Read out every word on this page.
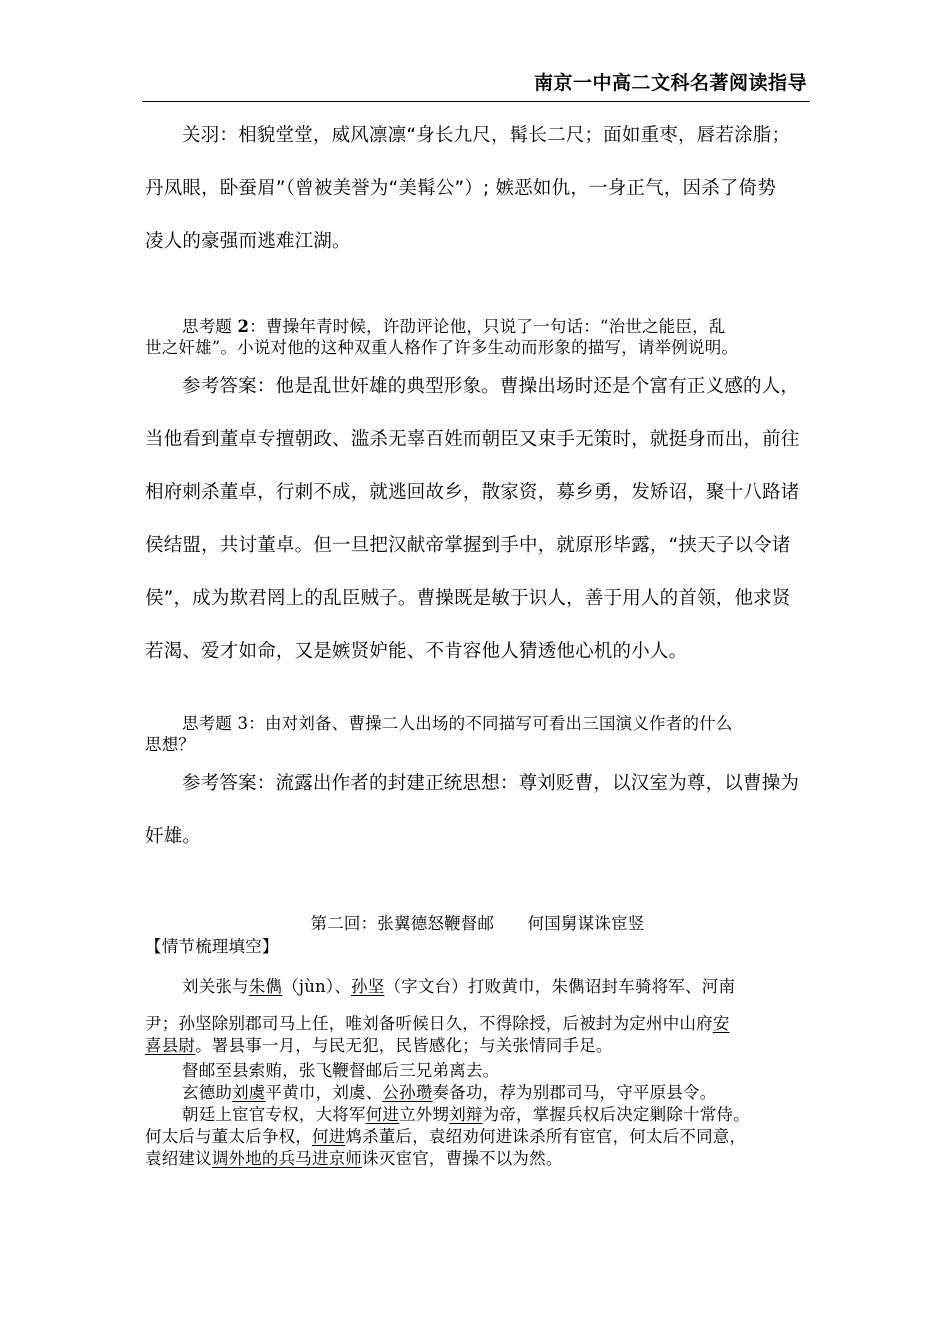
南京一中高二文科名著阅读指导
关羽：相貌堂堂，威风凛凛“身长九尺，髯长二尺；面如重枣，唇若涂脂；
丹凤眼，卧蚕眉”（曾被美誉为“美髯公”）; 嫉恶如仇，一身正气，因杀了倚势
凌人的豪强而逃难江湖。
思考题 2：曹操年青时候，许劭评论他，只说了一句话：“治世之能臣，乱
世之奸雄”。小说对他的这种双重人格作了许多生动而形象的描写，请举例说明。
参考答案：他是乱世奸雄的典型形象。曹操出场时还是个富有正义感的人，
当他看到董卓专擅朝政、滥杀无辜百姓而朝臣又束手无策时，就挺身而出，前往
相府刺杀董卓，行刺不成，就逃回故乡，散家资，募乡勇，发矫诏，聚十八路诸
侯结盟，共讨董卓。但一旦把汉献帝掌握到手中，就原形毕露，“挟天子以令诸
侯”，成为欺君罔上的乱臣贼子。曹操既是敏于识人，善于用人的首领，他求贤
若渴、爱才如命，又是嫉贤妒能、不肯容他人猜透他心机的小人。
思考题 3：由对刘备、曹操二人出场的不同描写可看出三国演义作者的什么
思想？
参考答案：流露出作者的封建正统思想：尊刘贬曹，以汉室为尊，以曹操为
奸雄。
第二回：张翼德怒鞭督邮　　何国舅谋诛宦竖
【情节梳理填空】
刘关张与朱儁（jùn）、孙坚（字文台）打败黄巾，朱儁诏封车骑将军、河南
尹；孙坚除别郡司马上任，唯刘备听候日久，不得除授，后被封为定州中山府安
喜县尉。署县事一月，与民无犯，民皆感化；与关张情同手足。
督邮至县索贿，张飞鞭督邮后三兄弟离去。
玄德助刘虞平黄巾，刘虞、公孙瓒奏备功，荐为别郡司马，守平原县令。
朝廷上宦官专权，大将军何进立外甥刘辩为帝，掌握兵权后决定剿除十常侍。
何太后与董太后争权，何进鸩杀董后，袁绍劝何进诛杀所有宦官，何太后不同意，
袁绍建议调外地的兵马进京师诛灭宦官，曹操不以为然。
